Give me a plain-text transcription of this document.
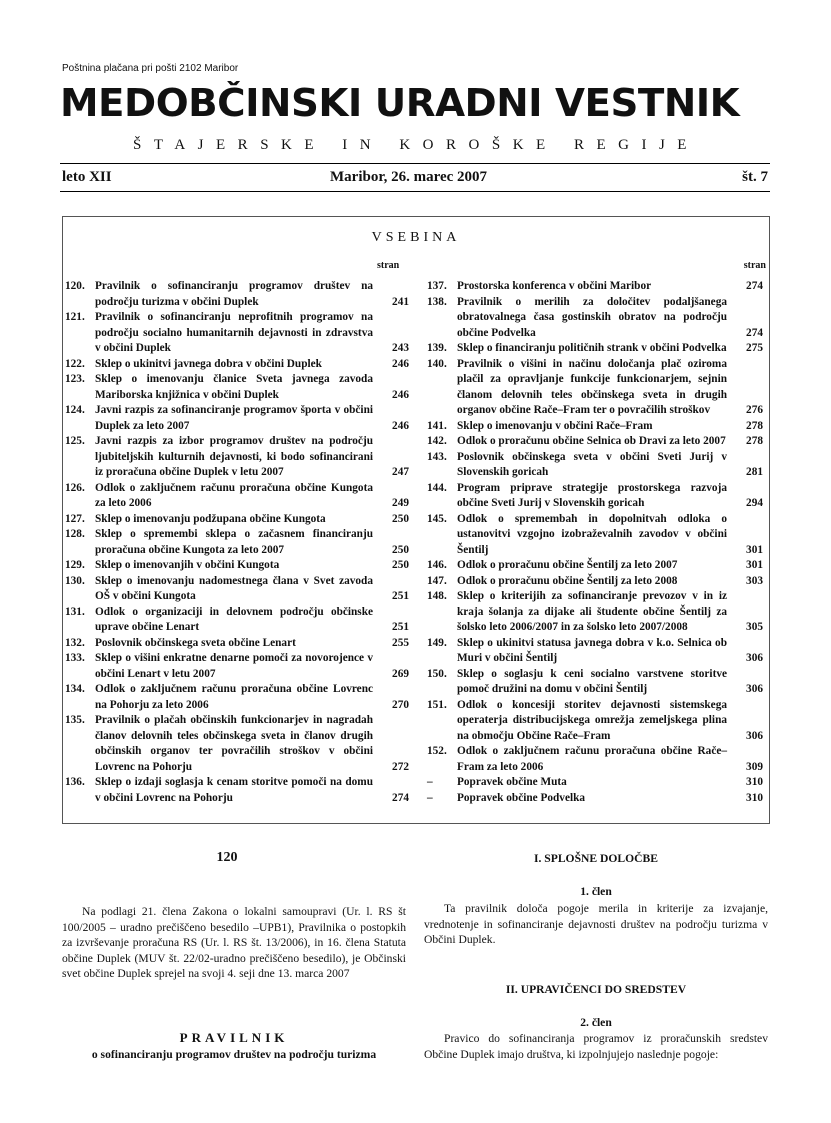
Poštnina plačana pri pošti 2102 Maribor
MEDOBČINSKI URADNI VESTNIK
ŠTAJERSKE IN KOROŠKE REGIJE
leto XII	Maribor, 26. marec 2007	št. 7
VSEBINA
stran	stran
120. Pravilnik o sofinanciranju programov društev na področju turizma v občini Duplek	241
121. Pravilnik o sofinanciranju neprofitnih programov na področju socialno humanitarnih dejavnosti in zdravstva v občini Duplek	243
122. Sklep o ukinitvi javnega dobra v občini Duplek	246
123. Sklep o imenovanju članice Sveta javnega zavoda Mariborska knjižnica v občini Duplek	246
124. Javni razpis za sofinanciranje programov športa v občini Duplek za leto 2007	246
125. Javni razpis za izbor programov društev na področju ljubiteljskih kulturnih dejavnosti, ki bodo sofinancirani iz proračuna občine Duplek v letu 2007	247
126. Odlok o zaključnem računu proračuna občine Kungota za leto 2006	249
127. Sklep o imenovanju podžupana občine Kungota	250
128. Sklep o spremembi sklepa o začasnem financiranju proračuna občine Kungota za leto 2007	250
129. Sklep o imenovanjih v občini Kungota	250
130. Sklep o imenovanju nadomestnega člana v Svet zavoda OŠ v občini Kungota	251
131. Odlok o organizaciji in delovnem področju občinske uprave občine Lenart	251
132. Poslovnik občinskega sveta občine Lenart	255
133. Sklep o višini enkratne denarne pomoči za novorojence v občini Lenart v letu 2007	269
134. Odlok o zaključnem računu proračuna občine Lovrenc na Pohorju za leto 2006	270
135. Pravilnik o plačah občinskih funkcionarjev in nagradah članov delovnih teles občinskega sveta in članov drugih občinskih organov ter povračilih stroškov v občini Lovrenc na Pohorju	272
136. Sklep o izdaji soglasja k cenam storitve pomoči na domu v občini Lovrenc na Pohorju	274
137. Prostorska konferenca v občini Maribor	274
138. Pravilnik o merilih za določitev podaljšanega obratovalnega časa gostinskih obratov na področju občine Podvelka	274
139. Sklep o financiranju političnih strank v občini Podvelka 275
140. Pravilnik o višini in načinu določanja plač oziroma plačil za opravljanje funkcije funkcionarjem, sejnin članom delovnih teles občinskega sveta in drugih organov občine Rače–Fram ter o povračilih stroškov	276
141. Sklep o imenovanju v občini Rače–Fram	278
142. Odlok o proračunu občine Selnica ob Dravi za leto 2007 278
143. Poslovnik občinskega sveta v občini Sveti Jurij v Slovenskih goricah	281
144. Program priprave strategije prostorskega razvoja občine Sveti Jurij v Slovenskih goricah	294
145. Odlok o spremembah in dopolnitvah odloka o ustanovitvi vzgojno izobraževalnih zavodov v občini Šentilj	301
146. Odlok o proračunu občine Šentilj za leto 2007	301
147. Odlok o proračunu občine Šentilj za leto 2008	303
148. Sklep o kriterijih za sofinanciranje prevozov v in iz kraja šolanja za dijake ali študente občine Šentilj za šolsko leto 2006/2007 in za šolsko leto 2007/2008	305
149. Sklep o ukinitvi statusa javnega dobra v k.o. Selnica ob Muri v občini Šentilj	306
150. Sklep o soglasju k ceni socialno varstvene storitve pomoč družini na domu v občini Šentilj	306
151. Odlok o koncesiji storitev dejavnosti sistemskega operaterja distribucijskega omrežja zemeljskega plina na območju Občine Rače–Fram	306
152. Odlok o zaključnem računu proračuna občine Rače–Fram za leto 2006	309
– Popravek občine Muta	310
– Popravek občine Podvelka	310
120
Na podlagi 21. člena Zakona o lokalni samoupravi (Ur. l. RS št 100/2005 – uradno prečiščeno besedilo –UPB1), Pravilnika o postopkih za izvrševanje proračuna RS (Ur. l. RS št. 13/2006), in 16. člena Statuta občine Duplek (MUV št. 22/02-uradno prečiščeno besedilo), je Občinski svet občine Duplek sprejel na svoji 4. seji dne 13. marca 2007
PRAVILNIK
o sofinanciranju programov društev na področju turizma
I. SPLOŠNE DOLOČBE
1. člen
Ta pravilnik določa pogoje merila in kriterije za izvajanje, vrednotenje in sofinanciranje dejavnosti društev na področju turizma v Občini Duplek.
II. UPRAVIČENCI DO SREDSTEV
2. člen
Pravico do sofinanciranja programov iz proračunskih sredstev Občine Duplek imajo društva, ki izpolnjujejo naslednje pogoje:
